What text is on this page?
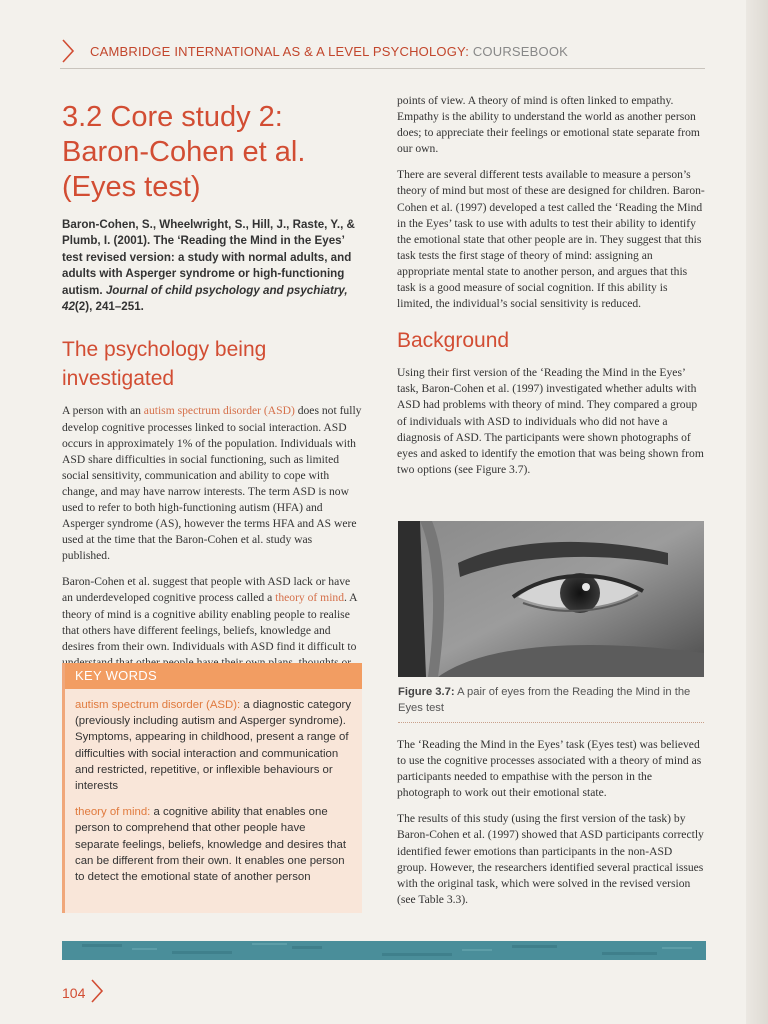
CAMBRIDGE INTERNATIONAL AS & A LEVEL PSYCHOLOGY: COURSEBOOK
3.2 Core study 2: Baron-Cohen et al. (Eyes test)
Baron-Cohen, S., Wheelwright, S., Hill, J., Raste, Y., & Plumb, I. (2001). The ‘Reading the Mind in the Eyes’ test revised version: a study with normal adults, and adults with Asperger syndrome or high-functioning autism. Journal of child psychology and psychiatry, 42(2), 241–251.
The psychology being investigated

A person with an autism spectrum disorder (ASD) does not fully develop cognitive processes linked to social interaction. ASD occurs in approximately 1% of the population. Individuals with ASD share difficulties in social functioning, such as limited social sensitivity, communication and ability to cope with change, and may have narrow interests. The term ASD is now used to refer to both high-functioning autism (HFA) and Asperger syndrome (AS), however the terms HFA and AS were used at the time that the Baron-Cohen et al. study was published.

Baron-Cohen et al. suggest that people with ASD lack or have an underdeveloped cognitive process called a theory of mind. A theory of mind is a cognitive ability enabling people to realise that others have different feelings, beliefs, knowledge and desires from their own. Individuals with ASD find it difficult to

KEY WORDS

autism spectrum disorder (ASD): a diagnostic category (previously including autism and Asperger syndrome). Symptoms, appearing in childhood, present a range of difficulties with social interaction and communication and restricted, repetitive, or inflexible behaviours or interests

theory of mind: a cognitive ability that enables one person to comprehend that other people have separate feelings, beliefs, knowledge and desires that can be different from their own. It enables one person to detect the emotional state of another person

points of view. A theory of mind is often linked to empathy. Empathy is the ability to understand the world as another person does; to appreciate their feelings or emotional state separate from our own.

There are several different tests available to measure a person’s theory of mind but most of these are designed for children. Baron-Cohen et al. (1997) developed a test called the ‘Reading the Mind in the Eyes’ task to use with adults to test their ability to identify the emotional state that other people are in. They suggest that this task tests the first stage of theory of mind: assigning an appropriate mental state to another person, and argues that this task is a good measure of social cognition. If this ability is limited, the individual’s social sensitivity is reduced.

Background

Using their first version of the ‘Reading the Mind in the Eyes’ task, Baron-Cohen et al. (1997) investigated whether adults with ASD had problems with theory of mind. They compared a group of individuals with ASD to individuals who did not have a diagnosis of ASD. The participants were shown photographs of eyes and asked to identify the emotion that was being shown from two options (see Figure 3.7).

Figure 3.7: A pair of eyes from the Reading the Mind in the Eyes test

The ‘Reading the Mind in the Eyes’ task (Eyes test) was believed to use the cognitive processes associated with a theory of mind as participants needed to empathise with the person in the photograph to work out their emotional state.

The results of this study (using the first version of the task) by Baron-Cohen et al. (1997) showed that ASD participants correctly identified fewer emotions than participants in the non-ASD group. However, the researchers identified several practical issues with the original task, which were solved in the revised version (see Table 3.3).

104
